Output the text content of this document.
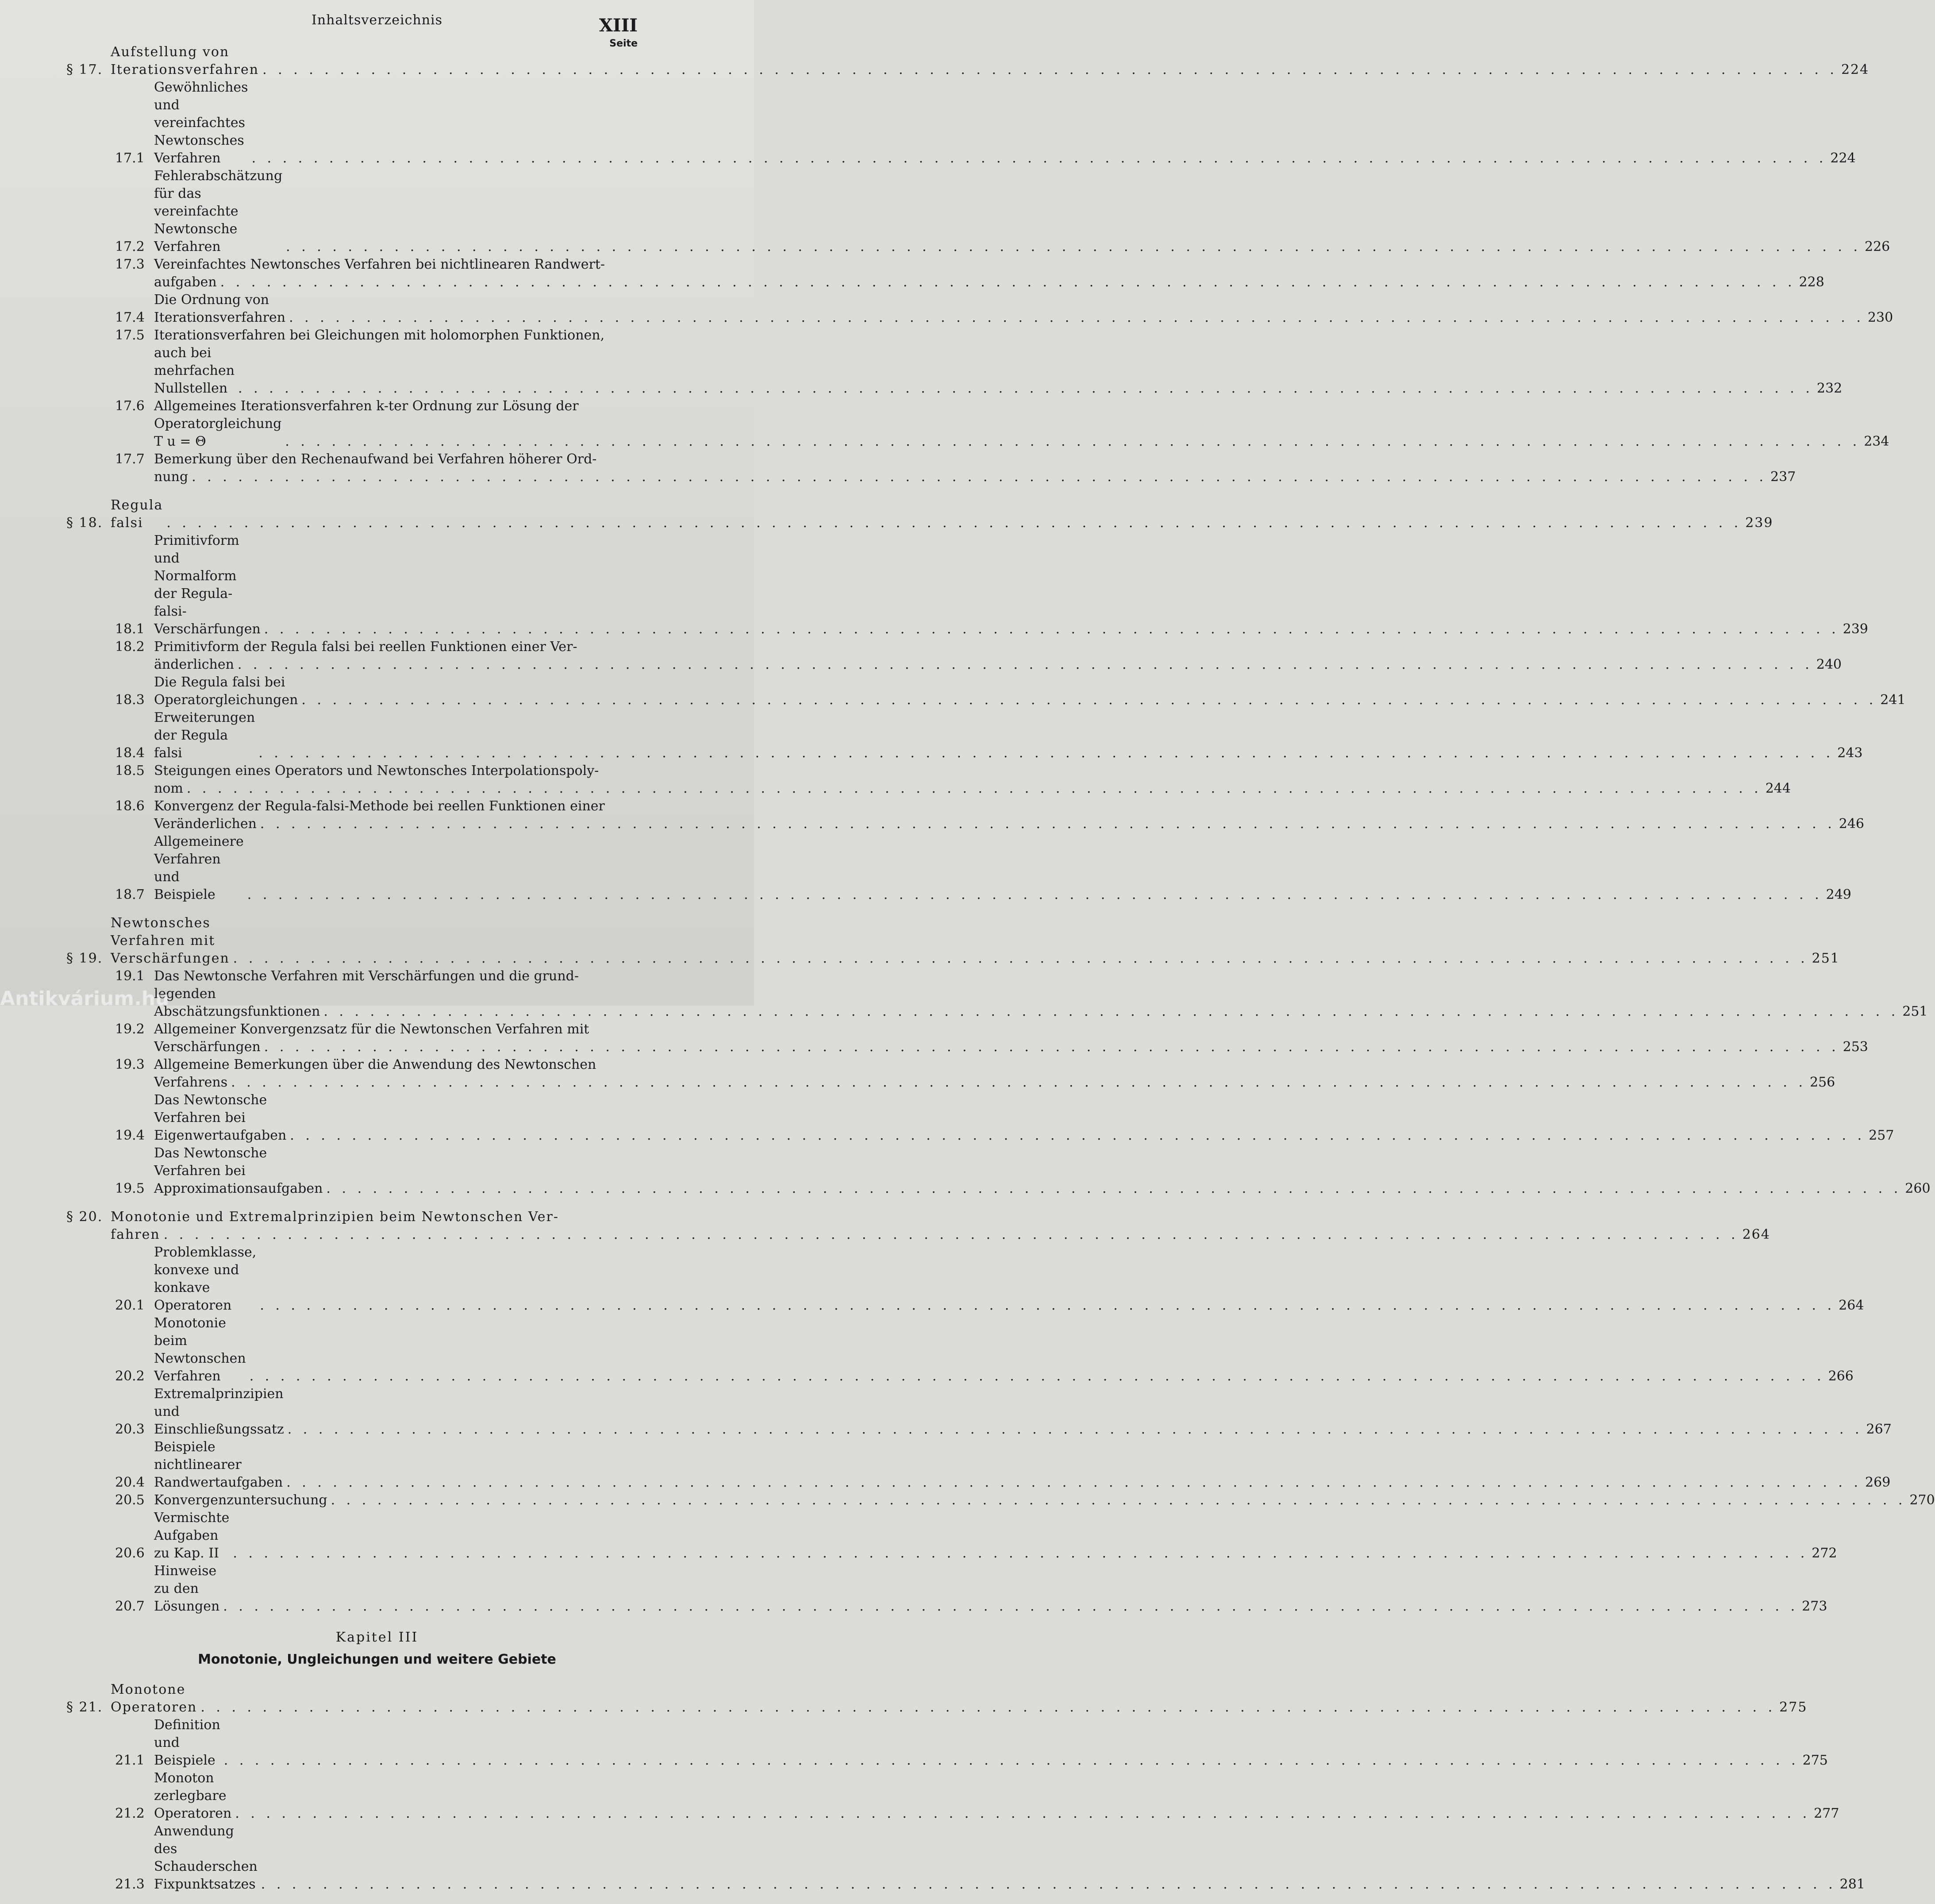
Inhaltsverzeichnis	XIII
Seite
§ 17.
Aufstellung von Iterationsverfahren . . .	224
17.1
Gewöhnliches und vereinfachtes Newtonsches Verfahren . . .	224
17.2
Fehlerabschätzung für das vereinfachte Newtonsche Verfahren . . .	226
17.3 Vereinfachtes Newtonsches Verfahren bei nichtlinearen Randwert-
aufgaben . . .	228
17.4
Die Ordnung von Iterationsverfahren . . .	230
17.5 Iterationsverfahren bei Gleichungen mit holomorphen Funktionen,
auch bei mehrfachen Nullstellen . . .	232
17.6 Allgemeines Iterationsverfahren k-ter Ordnung zur Lösung der
Operatorgleichung T u = Θ . . .	234
17.7 Bemerkung über den Rechenaufwand bei Verfahren höherer Ord-
nung . . .	237
§ 18.
Regula falsi . . .	239
18.1
Primitivform und Normalform der Regula-falsi-Verschärfungen . . .	239
18.2 Primitivform der Regula falsi bei reellen Funktionen einer Ver-
änderlichen . . .	240
18.3
Die Regula falsi bei Operatorgleichungen . . .	241
18.4
Erweiterungen der Regula falsi . . .	243
18.5 Steigungen eines Operators und Newtonsches Interpolationspoly-
nom . . .	244
18.6 Konvergenz der Regula-falsi-Methode bei reellen Funktionen einer
Veränderlichen . . .	246
18.7
Allgemeinere Verfahren und Beispiele . . .	249
§ 19.
Newtonsches Verfahren mit Verschärfungen . . .	251
19.1 Das Newtonsche Verfahren mit Verschärfungen und die grund-
legenden Abschätzungsfunktionen . . .	251
19.2 Allgemeiner Konvergenzsatz für die Newtonschen Verfahren mit
Verschärfungen . . .	253
19.3 Allgemeine Bemerkungen über die Anwendung des Newtonschen
Verfahrens . . .	256
19.4
Das Newtonsche Verfahren bei Eigenwertaufgaben . . .	257
19.5
Das Newtonsche Verfahren bei Approximationsaufgaben . . .	260
§ 20. Monotonie und Extremalprinzipien beim Newtonschen Ver-
fahren . . .	264
20.1
Problemklasse, konvexe und konkave Operatoren . . .	264
20.2
Monotonie beim Newtonschen Verfahren . . .	266
20.3
Extremalprinzipien und Einschließungssatz . . .	267
20.4
Beispiele nichtlinearer Randwertaufgaben . . .	269
20.5 Konvergenzuntersuchung . . .	270
20.6
Vermischte Aufgaben zu Kap. II . . .	272
20.7
Hinweise zu den Lösungen . . .	273
Kapitel III
Monotonie, Ungleichungen und weitere Gebiete
§ 21.
Monotone Operatoren . . .	275
21.1
Definition und Beispiele . . .	275
21.2
Monoton zerlegbare Operatoren . . .	277
21.3
Anwendung des Schauderschen Fixpunktsatzes . . .	281
Antikvárium.hu
